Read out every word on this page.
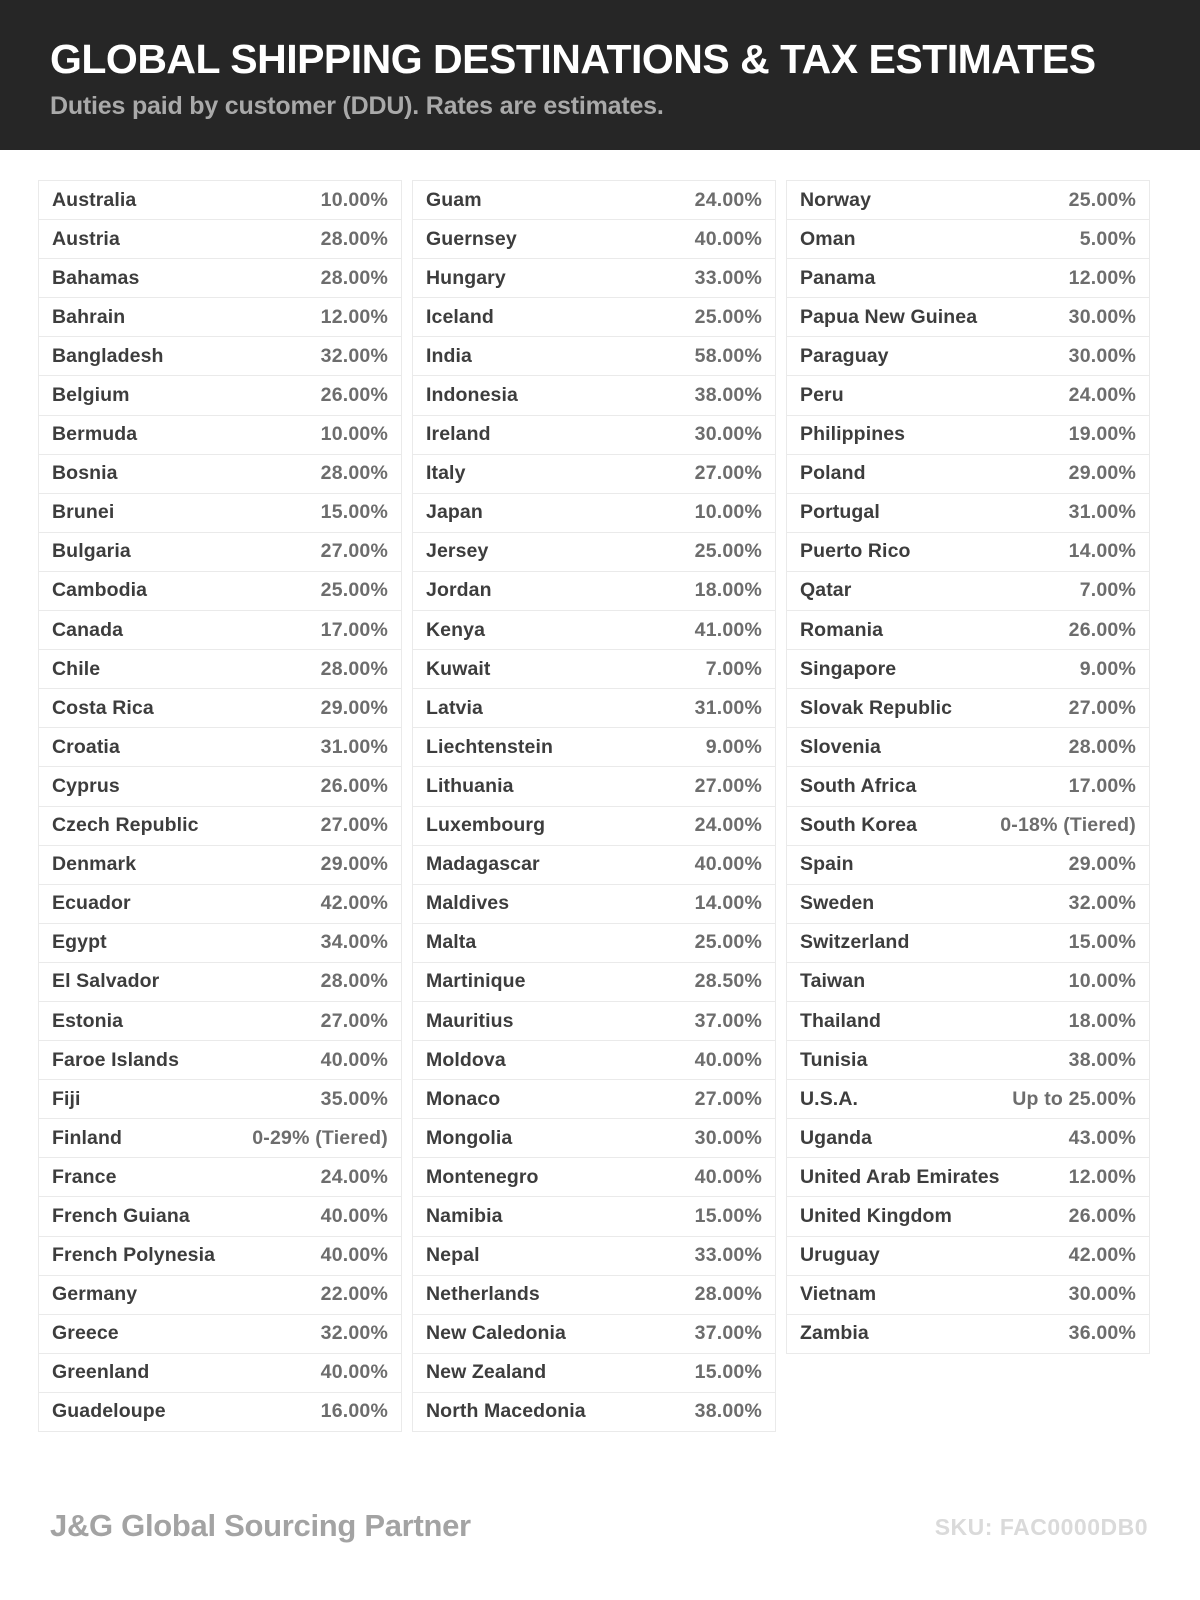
GLOBAL SHIPPING DESTINATIONS & TAX ESTIMATES
Duties paid by customer (DDU). Rates are estimates.
Australia	10.00%
Austria	28.00%
Bahamas	28.00%
Bahrain	12.00%
Bangladesh	32.00%
Belgium	26.00%
Bermuda	10.00%
Bosnia	28.00%
Brunei	15.00%
Bulgaria	27.00%
Cambodia	25.00%
Canada	17.00%
Chile	28.00%
Costa Rica	29.00%
Croatia	31.00%
Cyprus	26.00%
Czech Republic	27.00%
Denmark	29.00%
Ecuador	42.00%
Egypt	34.00%
El Salvador	28.00%
Estonia	27.00%
Faroe Islands	40.00%
Fiji	35.00%
Finland	0-29% (Tiered)
France	24.00%
French Guiana	40.00%
French Polynesia	40.00%
Germany	22.00%
Greece	32.00%
Greenland	40.00%
Guadeloupe	16.00%
Guam	24.00%
Guernsey	40.00%
Hungary	33.00%
Iceland	25.00%
India	58.00%
Indonesia	38.00%
Ireland	30.00%
Italy	27.00%
Japan	10.00%
Jersey	25.00%
Jordan	18.00%
Kenya	41.00%
Kuwait	7.00%
Latvia	31.00%
Liechtenstein	9.00%
Lithuania	27.00%
Luxembourg	24.00%
Madagascar	40.00%
Maldives	14.00%
Malta	25.00%
Martinique	28.50%
Mauritius	37.00%
Moldova	40.00%
Monaco	27.00%
Mongolia	30.00%
Montenegro	40.00%
Namibia	15.00%
Nepal	33.00%
Netherlands	28.00%
New Caledonia	37.00%
New Zealand	15.00%
North Macedonia	38.00%
Norway	25.00%
Oman	5.00%
Panama	12.00%
Papua New Guinea	30.00%
Paraguay	30.00%
Peru	24.00%
Philippines	19.00%
Poland	29.00%
Portugal	31.00%
Puerto Rico	14.00%
Qatar	7.00%
Romania	26.00%
Singapore	9.00%
Slovak Republic	27.00%
Slovenia	28.00%
South Africa	17.00%
South Korea	0-18% (Tiered)
Spain	29.00%
Sweden	32.00%
Switzerland	15.00%
Taiwan	10.00%
Thailand	18.00%
Tunisia	38.00%
U.S.A.	Up to 25.00%
Uganda	43.00%
United Arab Emirates	12.00%
United Kingdom	26.00%
Uruguay	42.00%
Vietnam	30.00%
Zambia	36.00%
J&G Global Sourcing Partner	SKU: FAC0000DB0
